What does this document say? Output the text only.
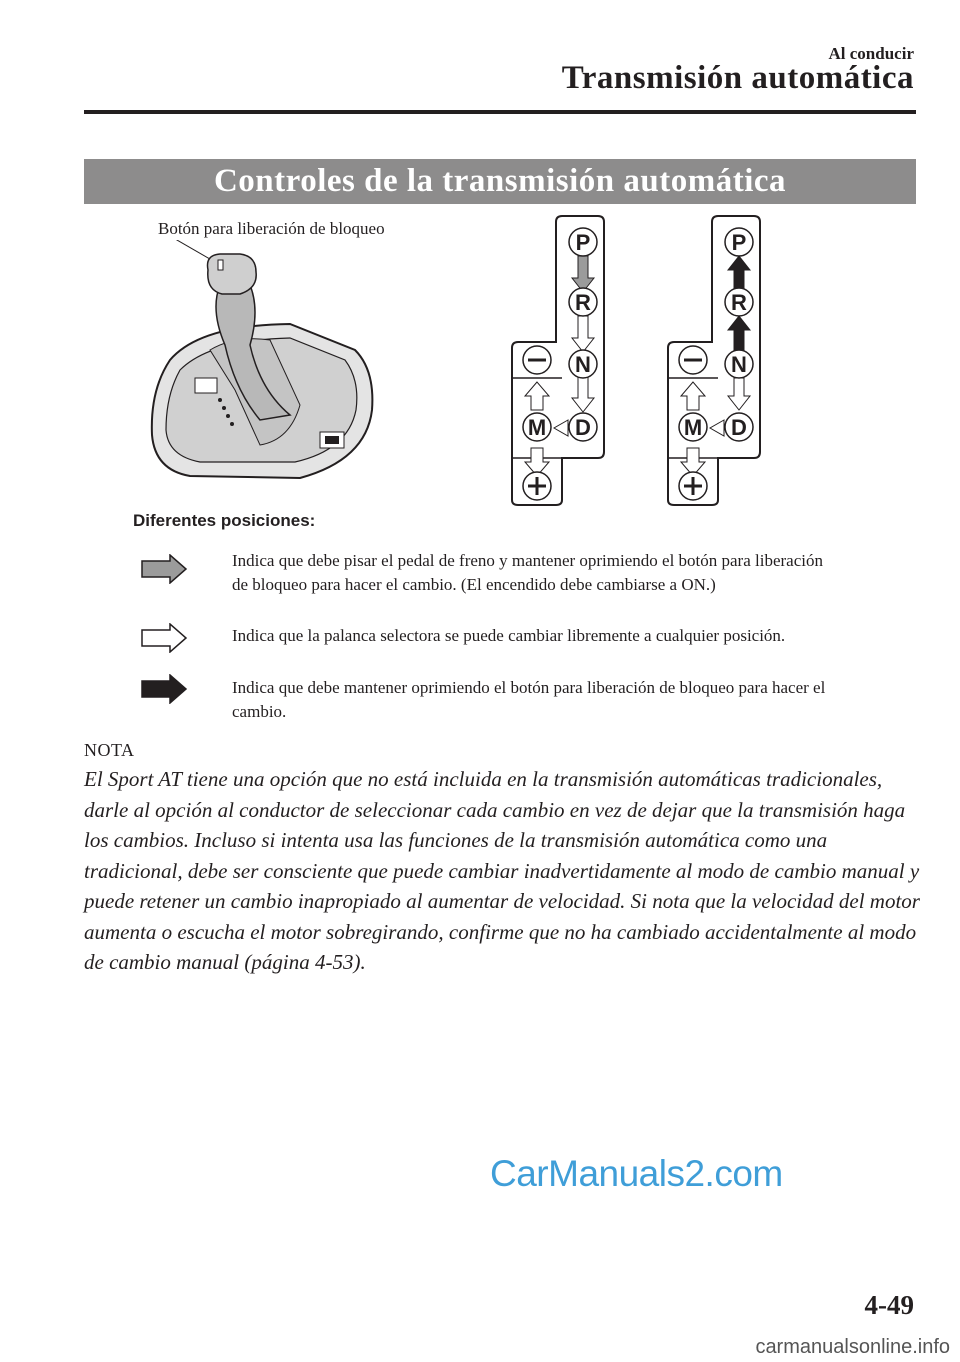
Al conducir
Transmisión automática
Controles de la transmisión automática
Botón para liberación de bloqueo
P
R
N
D
M
P
R
N
D
M
Diferentes posiciones:
Indica que debe pisar el pedal de freno y mantener oprimiendo el botón para liberación de bloqueo para hacer el cambio. (El encendido debe cambiarse a ON.)
Indica que la palanca selectora se puede cambiar libremente a cualquier posición.
Indica que debe mantener oprimiendo el botón para liberación de bloqueo para hacer el cambio.
NOTA
El Sport AT tiene una opción que no está incluida en la transmisión automáticas tradicionales, darle al opción al conductor de seleccionar cada cambio en vez de dejar que la transmisión haga los cambios. Incluso si intenta usa las funciones de la transmisión automática como una tradicional, debe ser consciente que puede cambiar inadvertidamente al modo de cambio manual y puede retener un cambio inapropiado al aumentar de velocidad. Si nota que la velocidad del motor aumenta o escucha el motor sobregirando, confirme que no ha cambiado accidentalmente al modo de cambio manual (página 4-53).
CarManuals2.com
4-49
carmanualsonline.info
